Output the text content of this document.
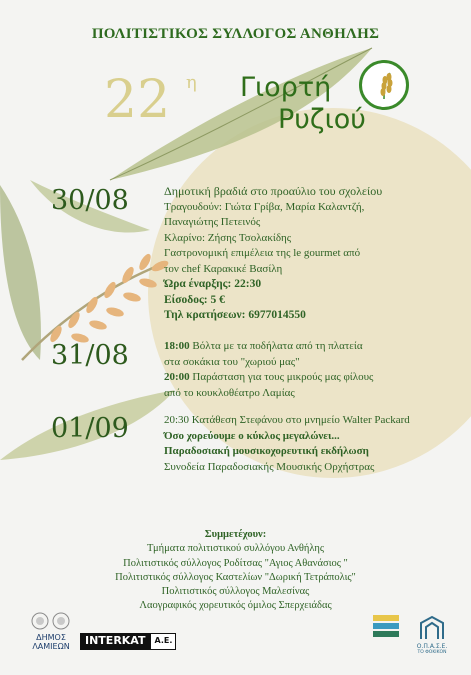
ΠΟΛΙΤΙΣΤΙΚΟΣ ΣΥΛΛΟΓΟΣ ΑΝΘΗΛΗΣ
22 η Γιορτή
Ρυζιού
30/08	Δημοτική βραδιά στο προαύλιο του σχολείου
Τραγουδούν: Γιώτα Γρίβα, Μαρία Καλαντζή,
Παναγιώτης Πετεινός
Κλαρίνο: Ζήσης Τσολακίδης
Γαστρονομική επιμέλεια της le gourmet από
τον chef Καρακικέ Βασίλη
Ώρα έναρξης: 22:30
Είσοδος: 5 €
Τηλ κρατήσεων: 6977014550
31/08	18:00 Βόλτα με τα ποδήλατα από τη πλατεία
στα σοκάκια του "χωριού μας"
20:00 Παράσταση για τους μικρούς μας φίλους
από το κουκλοθέατρο Λαμίας
01/09	20:30 Κατάθεση Στεφάνου στο μνημείο Walter Packard
Όσο χορεύουμε ο κύκλος μεγαλώνει...
Παραδοσιακή μουσικοχορευτική εκδήλωση
Συνοδεία Παραδοσιακής Μουσικής Ορχήστρας
Συμμετέχουν:
Τμήματα πολιτιστικού συλλόγου Ανθήλης
Πολιτιστικός σύλλογος Ροδίτσας "Αγιος Αθανάσιος "
Πολιτιστικός σύλλογος Καστελίων "Δωρική Τετράπολις"
Πολιτιστικός σύλλογος Μαλεσίνας
Λαογραφικός χορευτικός όμιλος Σπερχειάδας
ΔΗΜΟΣ ΛΑΜΙΕΩΝ	INTERKAT	A.E.
Ο.Π.Α.Σ.Ε.
ΤΟ ΦΟΚΙΚΟΝ
